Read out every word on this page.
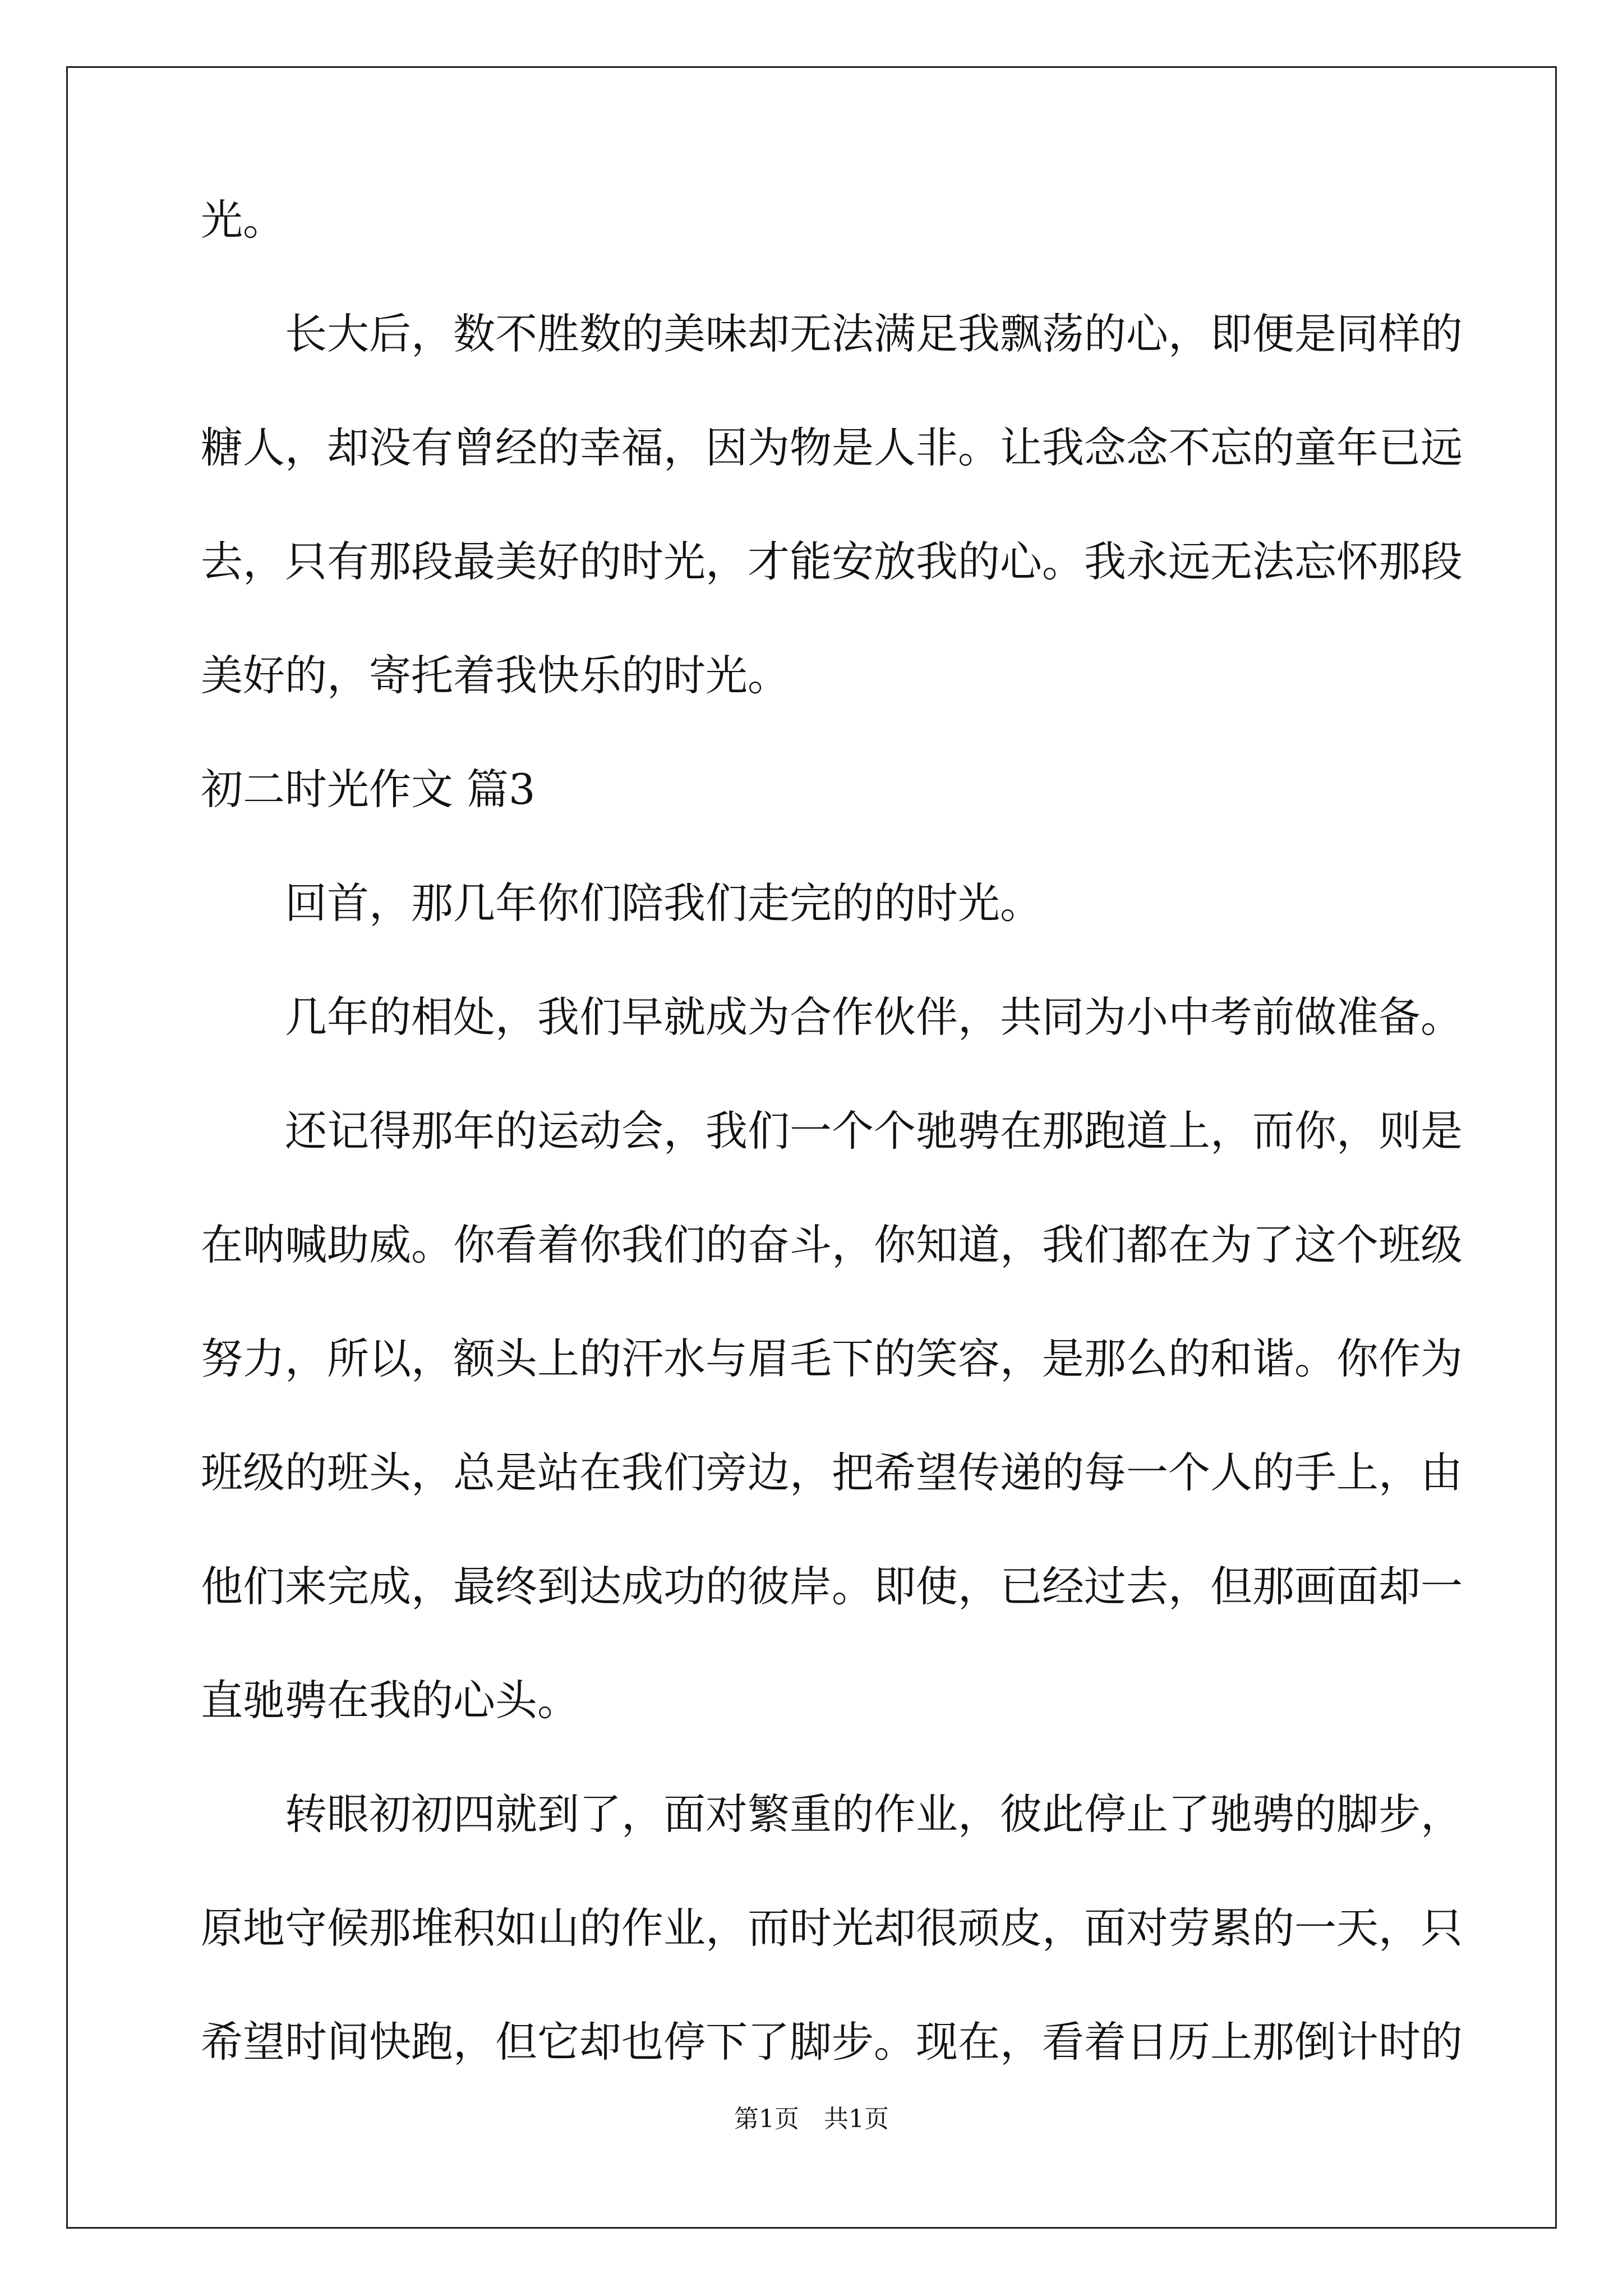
光。
长大后，数不胜数的美味却无法满足我飘荡的心，即便是同样的
糖人，却没有曾经的幸福，因为物是人非。让我念念不忘的童年已远
去，只有那段最美好的时光，才能安放我的心。我永远无法忘怀那段
美好的，寄托着我快乐的时光。
初二时光作文 篇3
回首，那几年你们陪我们走完的的时光。
几年的相处，我们早就成为合作伙伴，共同为小中考前做准备。
还记得那年的运动会，我们一个个驰骋在那跑道上，而你，则是
在呐喊助威。你看着你我们的奋斗，你知道，我们都在为了这个班级
努力，所以，额头上的汗水与眉毛下的笑容，是那么的和谐。你作为
班级的班头，总是站在我们旁边，把希望传递的每一个人的手上，由
他们来完成，最终到达成功的彼岸。即使，已经过去，但那画面却一
直驰骋在我的心头。
转眼初初四就到了，面对繁重的作业，彼此停止了驰骋的脚步，
原地守候那堆积如山的作业，而时光却很顽皮，面对劳累的一天，只
希望时间快跑，但它却也停下了脚步。现在，看着日历上那倒计时的
第1页 共1页
